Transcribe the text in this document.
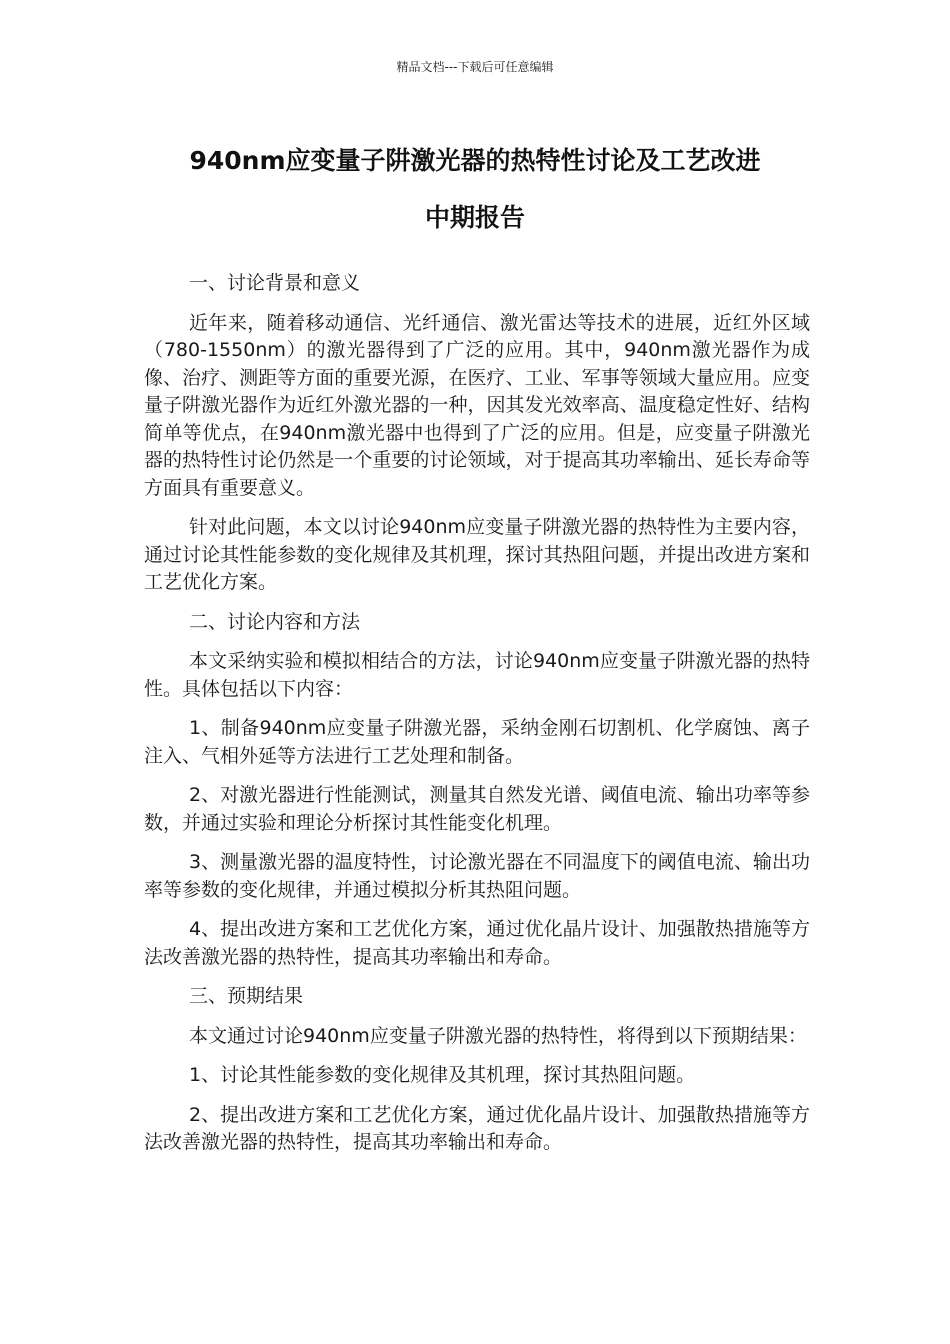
精品文档---下载后可任意编辑
940nm应变量子阱激光器的热特性讨论及工艺改进
中期报告

一、讨论背景和意义

近年来，随着移动通信、光纤通信、激光雷达等技术的进展，近红外区域（780-1550nm）的激光器得到了广泛的应用。其中，940nm激光器作为成像、治疗、测距等方面的重要光源，在医疗、工业、军事等领域大量应用。应变量子阱激光器作为近红外激光器的一种，因其发光效率高、温度稳定性好、结构简单等优点，在940nm激光器中也得到了广泛的应用。但是，应变量子阱激光器的热特性讨论仍然是一个重要的讨论领域，对于提高其功率输出、延长寿命等方面具有重要意义。

针对此问题，本文以讨论940nm应变量子阱激光器的热特性为主要内容，通过讨论其性能参数的变化规律及其机理，探讨其热阻问题，并提出改进方案和工艺优化方案。

二、讨论内容和方法

本文采纳实验和模拟相结合的方法，讨论940nm应变量子阱激光器的热特性。具体包括以下内容：

1、制备940nm应变量子阱激光器，采纳金刚石切割机、化学腐蚀、离子注入、气相外延等方法进行工艺处理和制备。

2、对激光器进行性能测试，测量其自然发光谱、阈值电流、输出功率等参数，并通过实验和理论分析探讨其性能变化机理。

3、测量激光器的温度特性，讨论激光器在不同温度下的阈值电流、输出功率等参数的变化规律，并通过模拟分析其热阻问题。

4、提出改进方案和工艺优化方案，通过优化晶片设计、加强散热措施等方法改善激光器的热特性，提高其功率输出和寿命。

三、预期结果

本文通过讨论940nm应变量子阱激光器的热特性，将得到以下预期结果：

1、讨论其性能参数的变化规律及其机理，探讨其热阻问题。

2、提出改进方案和工艺优化方案，通过优化晶片设计、加强散热措施等方法改善激光器的热特性，提高其功率输出和寿命。
